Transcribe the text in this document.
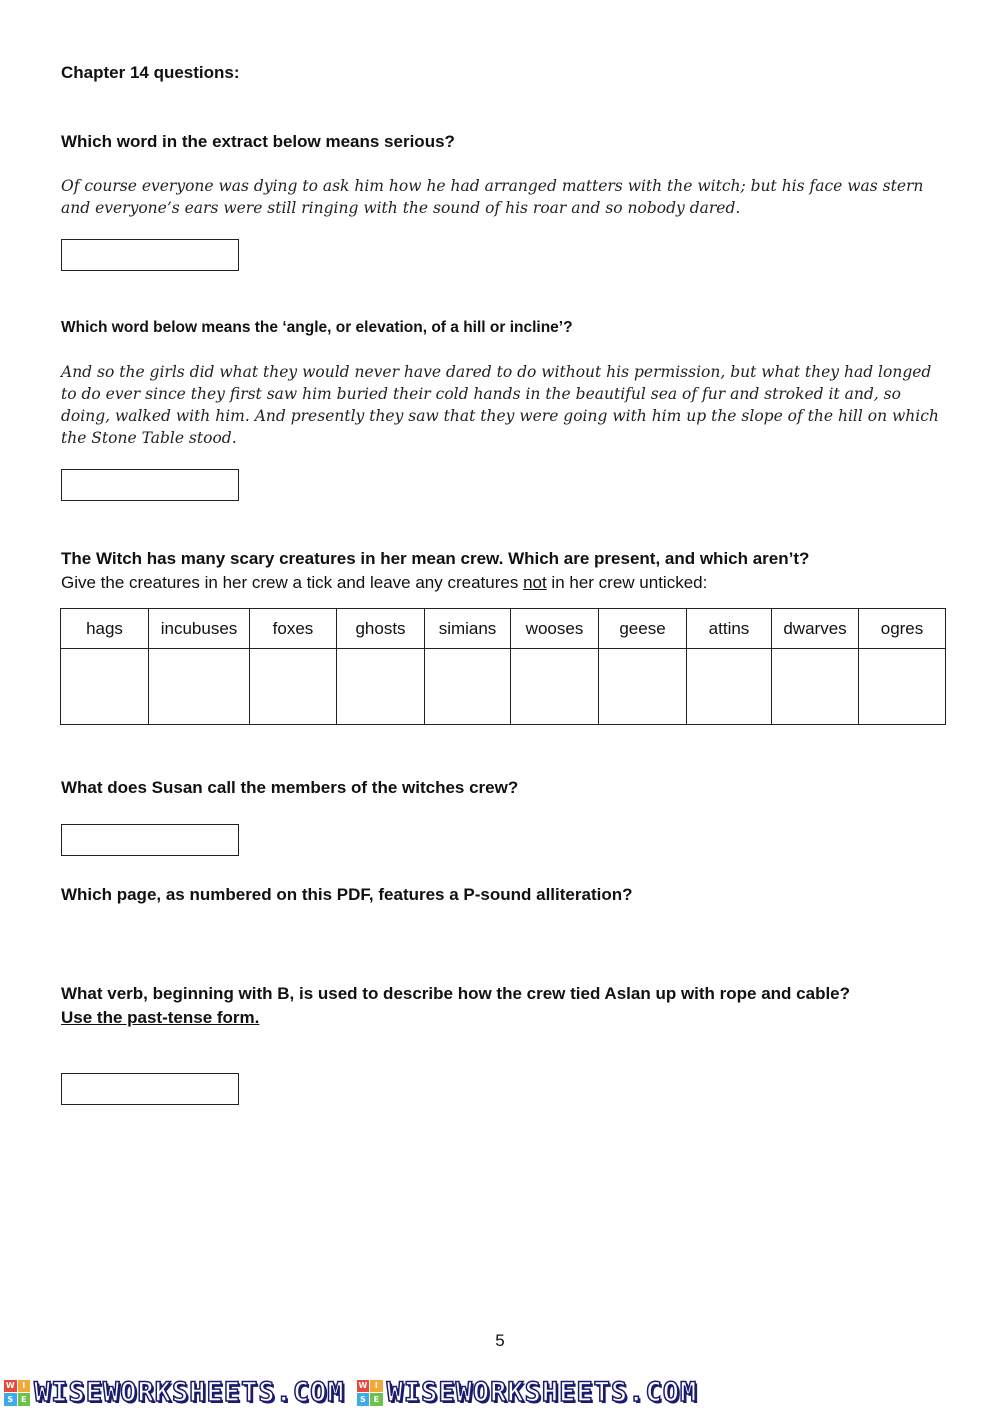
Chapter 14 questions:
Which word in the extract below means serious?
Of course everyone was dying to ask him how he had arranged matters with the witch; but his face was stern and everyone’s ears were still ringing with the sound of his roar and so nobody dared.
Which word below means the ‘angle, or elevation, of a hill or incline’?
And so the girls did what they would never have dared to do without his permission, but what they had longed to do ever since they first saw him buried their cold hands in the beautiful sea of fur and stroked it and, so doing, walked with him. And presently they saw that they were going with him up the slope of the hill on which the Stone Table stood.
The Witch has many scary creatures in her mean crew. Which are present, and which aren’t?
Give the creatures in her crew a tick and leave any creatures not in her crew unticked:
hags	incubuses	foxes	ghosts	simians	wooses	geese	attins	dwarves	ogres

What does Susan call the members of the witches crew?
Which page, as numbered on this PDF, features a P-sound alliteration?
What verb, beginning with B, is used to describe how the crew tied Aslan up with rope and cable?
Use the past-tense form.
5
W I
S E WISEWORKSHEETS.COM W I
S E WISEWORKSHEETS.COM
